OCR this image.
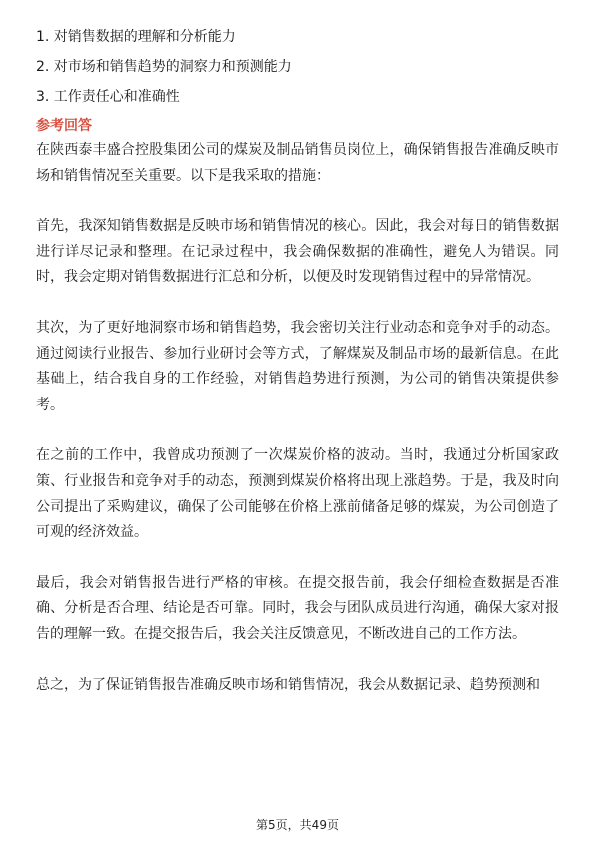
1. 对销售数据的理解和分析能力
2. 对市场和销售趋势的洞察力和预测能力
3. 工作责任心和准确性
参考回答

在陕西泰丰盛合控股集团公司的煤炭及制品销售员岗位上，确保销售报告准确反映市场和销售情况至关重要。以下是我采取的措施：

首先，我深知销售数据是反映市场和销售情况的核心。因此，我会对每日的销售数据进行详尽记录和整理。在记录过程中，我会确保数据的准确性，避免人为错误。同时，我会定期对销售数据进行汇总和分析，以便及时发现销售过程中的异常情况。

其次，为了更好地洞察市场和销售趋势，我会密切关注行业动态和竞争对手的动态。通过阅读行业报告、参加行业研讨会等方式，了解煤炭及制品市场的最新信息。在此基础上，结合我自身的工作经验，对销售趋势进行预测，为公司的销售决策提供参考。

在之前的工作中，我曾成功预测了一次煤炭价格的波动。当时，我通过分析国家政策、行业报告和竞争对手的动态，预测到煤炭价格将出现上涨趋势。于是，我及时向公司提出了采购建议，确保了公司能够在价格上涨前储备足够的煤炭，为公司创造了可观的经济效益。

最后，我会对销售报告进行严格的审核。在提交报告前，我会仔细检查数据是否准确、分析是否合理、结论是否可靠。同时，我会与团队成员进行沟通，确保大家对报告的理解一致。在提交报告后，我会关注反馈意见，不断改进自己的工作方法。

总之，为了保证销售报告准确反映市场和销售情况，我会从数据记录、趋势预测和

第5页，共49页
